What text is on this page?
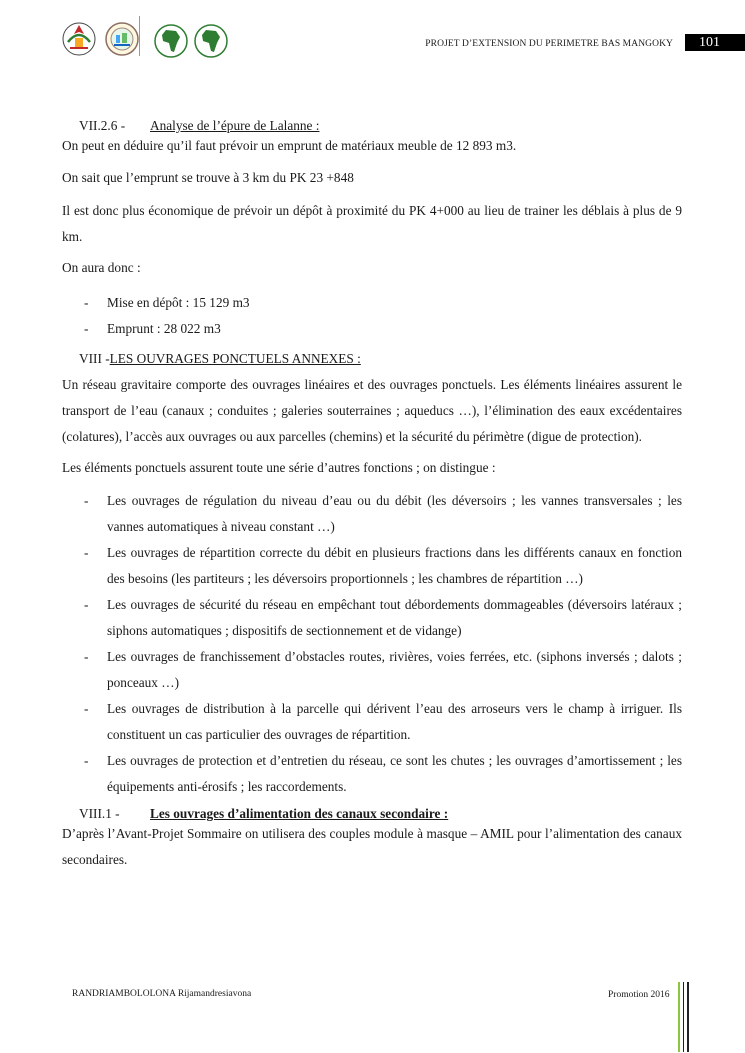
PROJET D’EXTENSION DU PERIMETRE BAS MANGOKY	101
VII.2.6 - Analyse de l’épure de Lalanne :

On peut en déduire qu’il faut prévoir un emprunt de matériaux meuble de 12 893 m3.

On sait que l’emprunt se trouve à 3 km du PK 23 +848

Il est donc plus économique de prévoir un dépôt à proximité du PK 4+000 au lieu de trainer les déblais à plus de 9 km.

On aura donc :

- Mise en dépôt : 15 129 m3
- Emprunt : 28 022 m3
VIII -LES OUVRAGES PONCTUELS ANNEXES :

Un réseau gravitaire comporte des ouvrages linéaires et des ouvrages ponctuels. Les éléments linéaires assurent le transport de l’eau (canaux ; conduites ; galeries souterraines ; aqueducs …), l’élimination des eaux excédentaires (colatures), l’accès aux ouvrages ou aux parcelles (chemins) et la sécurité du périmètre (digue de protection).

Les éléments ponctuels assurent toute une série d’autres fonctions ; on distingue :

- Les ouvrages de régulation du niveau d’eau ou du débit (les déversoirs ; les vannes transversales ; les vannes automatiques à niveau constant …)
- Les ouvrages de répartition correcte du débit en plusieurs fractions dans les différents canaux en fonction des besoins (les partiteurs ; les déversoirs proportionnels ; les chambres de répartition …)
- Les ouvrages de sécurité du réseau en empêchant tout débordements dommageables (déversoirs latéraux ; siphons automatiques ; dispositifs de sectionnement et de vidange)
- Les ouvrages de franchissement d’obstacles routes, rivières, voies ferrées, etc. (siphons inversés ; dalots ; ponceaux …)
- Les ouvrages de distribution à la parcelle qui dérivent l’eau des arroseurs vers le champ à irriguer. Ils constituent un cas particulier des ouvrages de répartition.
- Les ouvrages de protection et d’entretien du réseau, ce sont les chutes ; les ouvrages d’amortissement ; les équipements anti-érosifs ; les raccordements.
VIII.1 - Les ouvrages d’alimentation des canaux secondaire :

D’après l’Avant-Projet Sommaire on utilisera des couples module à masque – AMIL pour l’alimentation des canaux secondaires.

RANDRIAMBOLOLONA Rijamandresiavona	Promotion 2016
